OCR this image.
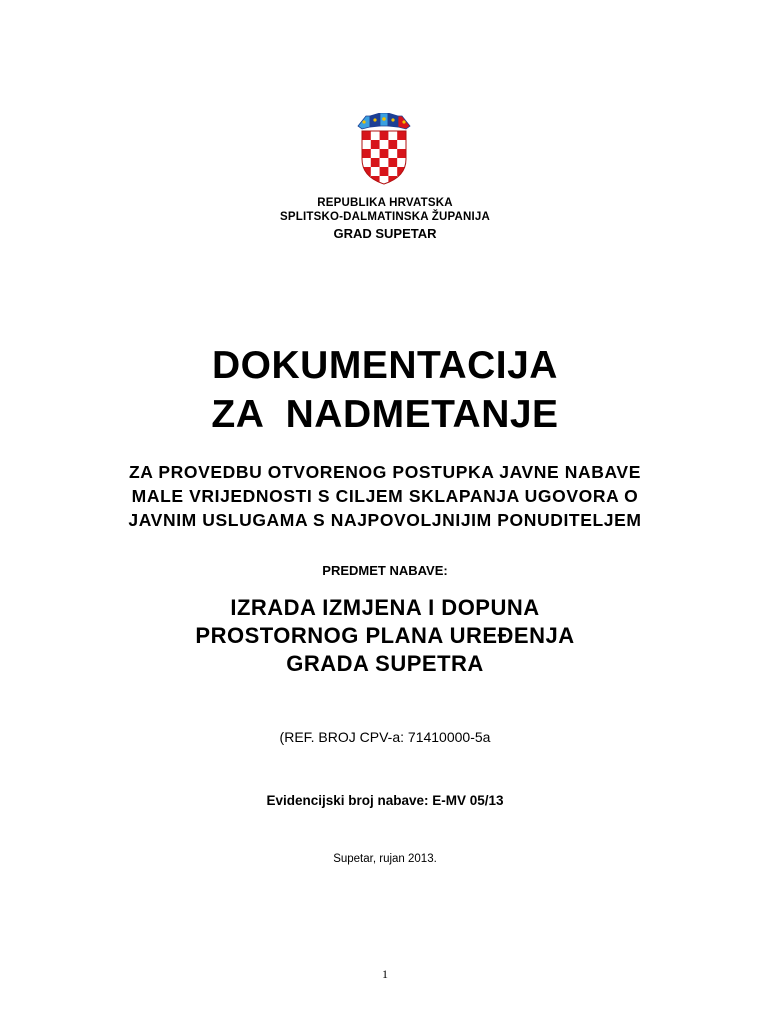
REPUBLIKA HRVATSKA
SPLITSKO-DALMATINSKA ŽUPANIJA
GRAD SUPETAR
DOKUMENTACIJA
ZA  NADMETANJE
ZA PROVEDBU OTVORENOG POSTUPKA JAVNE NABAVE
MALE VRIJEDNOSTI S CILJEM SKLAPANJA UGOVORA O
JAVNIM USLUGAMA S NAJPOVOLJNIJIM PONUDITELJEM
PREDMET NABAVE:
IZRADA IZMJENA I DOPUNA
PROSTORNOG PLANA UREĐENJA
GRADA SUPETRA
(REF. BROJ CPV-a: 71410000-5a
Evidencijski broj nabave: E-MV 05/13
Supetar, rujan 2013.
1
